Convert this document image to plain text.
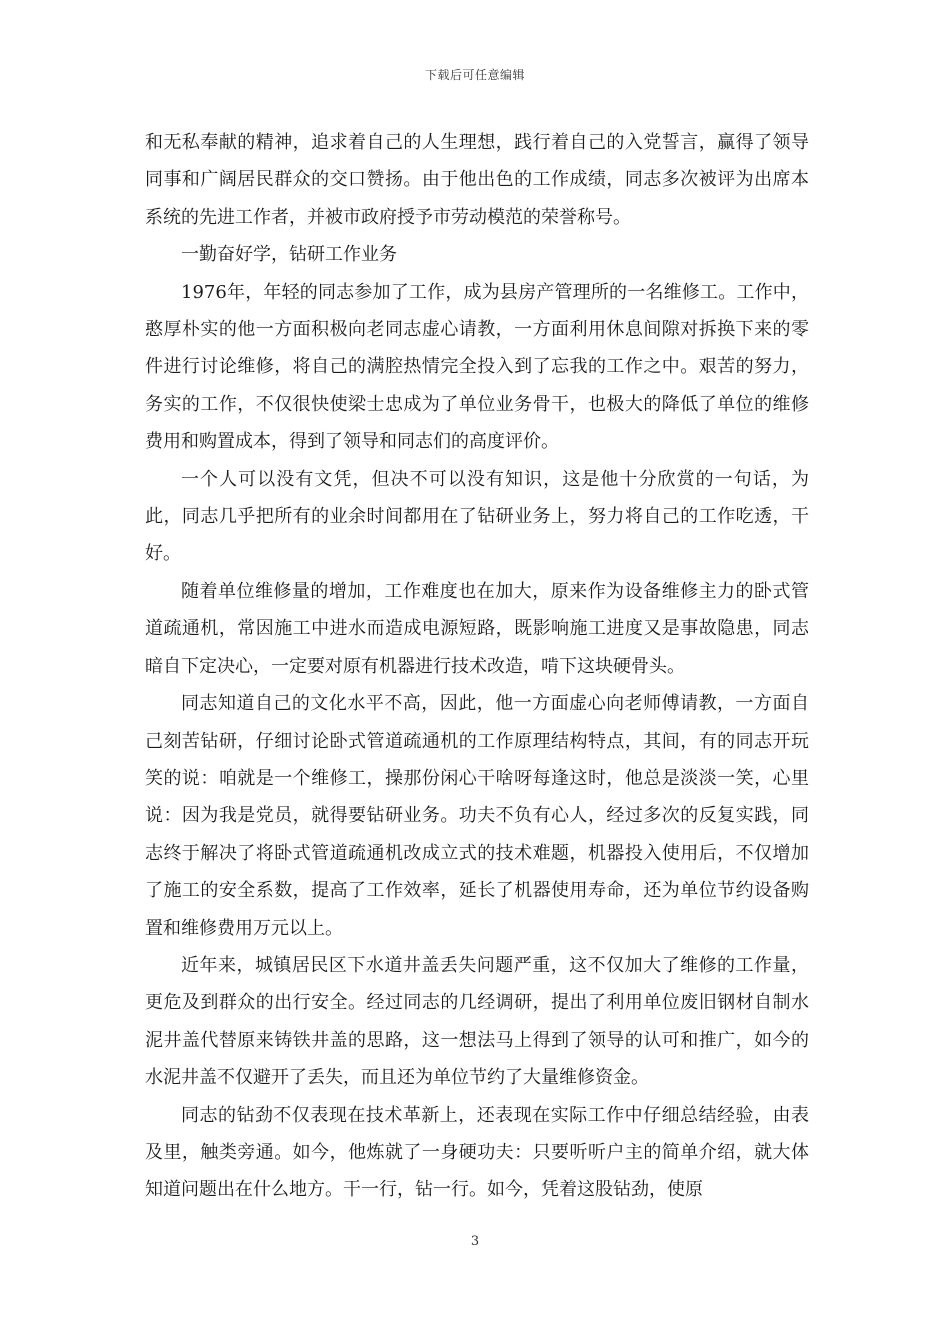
下载后可任意编辑

和无私奉献的精神，追求着自己的人生理想，践行着自己的入党誓言，赢得了领导同事和广阔居民群众的交口赞扬。由于他出色的工作成绩，同志多次被评为出席本系统的先进工作者，并被市政府授予市劳动模范的荣誉称号。

一勤奋好学，钻研工作业务

1976年，年轻的同志参加了工作，成为县房产管理所的一名维修工。工作中，憨厚朴实的他一方面积极向老同志虚心请教，一方面利用休息间隙对拆换下来的零件进行讨论维修，将自己的满腔热情完全投入到了忘我的工作之中。艰苦的努力，务实的工作，不仅很快使梁士忠成为了单位业务骨干，也极大的降低了单位的维修费用和购置成本，得到了领导和同志们的高度评价。

一个人可以没有文凭，但决不可以没有知识，这是他十分欣赏的一句话，为此，同志几乎把所有的业余时间都用在了钻研业务上，努力将自己的工作吃透，干好。

随着单位维修量的增加，工作难度也在加大，原来作为设备维修主力的卧式管道疏通机，常因施工中进水而造成电源短路，既影响施工进度又是事故隐患，同志暗自下定决心，一定要对原有机器进行技术改造，啃下这块硬骨头。

同志知道自己的文化水平不高，因此，他一方面虚心向老师傅请教，一方面自己刻苦钻研，仔细讨论卧式管道疏通机的工作原理结构特点，其间，有的同志开玩笑的说：咱就是一个维修工，操那份闲心干啥呀每逢这时，他总是淡淡一笑，心里说：因为我是党员，就得要钻研业务。功夫不负有心人，经过多次的反复实践，同志终于解决了将卧式管道疏通机改成立式的技术难题，机器投入使用后，不仅增加了施工的安全系数，提高了工作效率，延长了机器使用寿命，还为单位节约设备购置和维修费用万元以上。

近年来，城镇居民区下水道井盖丢失问题严重，这不仅加大了维修的工作量，更危及到群众的出行安全。经过同志的几经调研，提出了利用单位废旧钢材自制水泥井盖代替原来铸铁井盖的思路，这一想法马上得到了领导的认可和推广，如今的水泥井盖不仅避开了丢失，而且还为单位节约了大量维修资金。

同志的钻劲不仅表现在技术革新上，还表现在实际工作中仔细总结经验，由表及里，触类旁通。如今，他炼就了一身硬功夫：只要听听户主的简单介绍，就大体知道问题出在什么地方。干一行，钻一行。如今，凭着这股钻劲，使原

3
